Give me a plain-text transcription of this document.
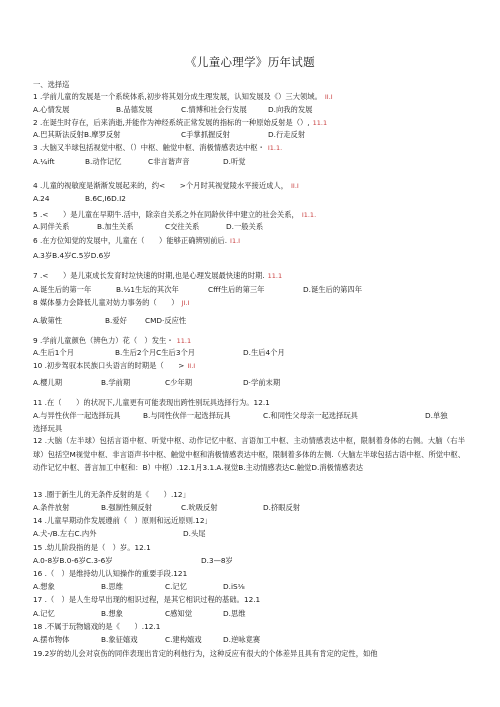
《儿童心理学》历年试题
一、选择巡
1 .学前儿童的发展是一个系统体系,初步将其划分成生理发展，认知发展及《）三大领域。 II.I
A.心情发展	B.品德发展	C.情博和社会行发展	D.向我的发展
2 .在诞生时存在，后来消逝,并能作为神经系统正常发展的指标的一种原始反射是（）, 11.1
A.巴其斯法反射B.摩罗反射	C手掌抓握反射	D.行走反射
3 .大脑又半球包括视觉中枢、（）中枢、触觉中枢、消极情感表达中枢・ I1.1.
A.¼ift	B.动作记忆	C非言谐声音	D.听觉
4 .儿童的视敏度是渐渐发展起来的，约<　　>个月时其视觉陵水平接近成人， II.I
A.24	B.6C,I6D.I2
5 .<　　）是儿童在早期牛.活中，除亲自关系之外在同龄伙伴中建立的社会关系， I1.1.
A.同伴关系	B.加生关系	C交往关系	D.一般关系
6 .在方位知觉的发展中，儿童在（　　）能够正确辨别前后. I1.I
A.3岁B.4岁C.5岁D.6岁
7 .<　　）是儿束成长发育时垃快速的时期,也是心理发展最快速的时期. 11.1
A.诞生后的第一年	B.½1生坛的其次年	Cfff生后的第三年	D.诞生后的第四年
8 媒体暴力会降低儿童对妨力事务的（　　） JI.I
A.敏第性	B.爱好 CMD·反应性
9 .学前儿童颜色（辨色力）花（　）发生・ 11.1
A.生后1个月	B.生后2个月C生后3个月	D.生后4个月
10 .初步驾驭本民族口头语言的时期是（　　> II.I
A.樱儿期	B.学前期	C少年期	D·学前末期
11 .在（　　）的状况下,儿童更有可能表现出跨性别玩具选择行为。12.1
A.与异性伙伴一起选择玩具	B.与同性伙伴一起选择玩具	C.和同性父母亲一起选择玩具	D.单独
选择玩具
12 .大脑（左半球）包括言语中枢、听觉中枢、动作记忆中枢、言语加工中枢、主动情感表达中枢，限制着身体的右侧。大脑（右半球）包括空M视觉中枢、非言语声书中枢、触觉中枢和消极情感表达中枢，限制着多体的左侧.（大脑左半球包括古语中枢、所觉中枢、动作记忆中枢、普言加工中枢和：B）中枢）.12.1月3.1.A.视觉B.主动情感表达C.触觉D.消极情感表达
13 .圈于新生儿的无条件反射的是《　　）.12」
A.条件放射	B.强制性频反射	C.吮吸反射	D.挤眼反射
14 .儿童早期动作发展遵前（　）原则和远近原则.12」
A.犬-/B.左右C.内外	D.头尾
15 .幼儿阶段指的是（　）岁。12.1
A.0-8岁B.0-6岁C.3-6岁	D.3—8岁
16 .（　）是维持幼儿认知操作的重要手段.121
A.想象	B.思维	C.记忆	D.iS⅛
17 .（　）是人生母早出现的相识过程，是其它相识过程的基础。12.1
A.记忆	B.想象	C感知觉	D.思维
18 .不属于玩物嬉戏的是《　　）.12.1
A.摆布物体	B.象征嬉戏	C.建构嬉戏	D.逆咏竟赛
19.2岁的幼儿会对哀伤的同伴表现出肯定的利他行为，这种反应有很大的个体差异且具有肯定的定性，如他
